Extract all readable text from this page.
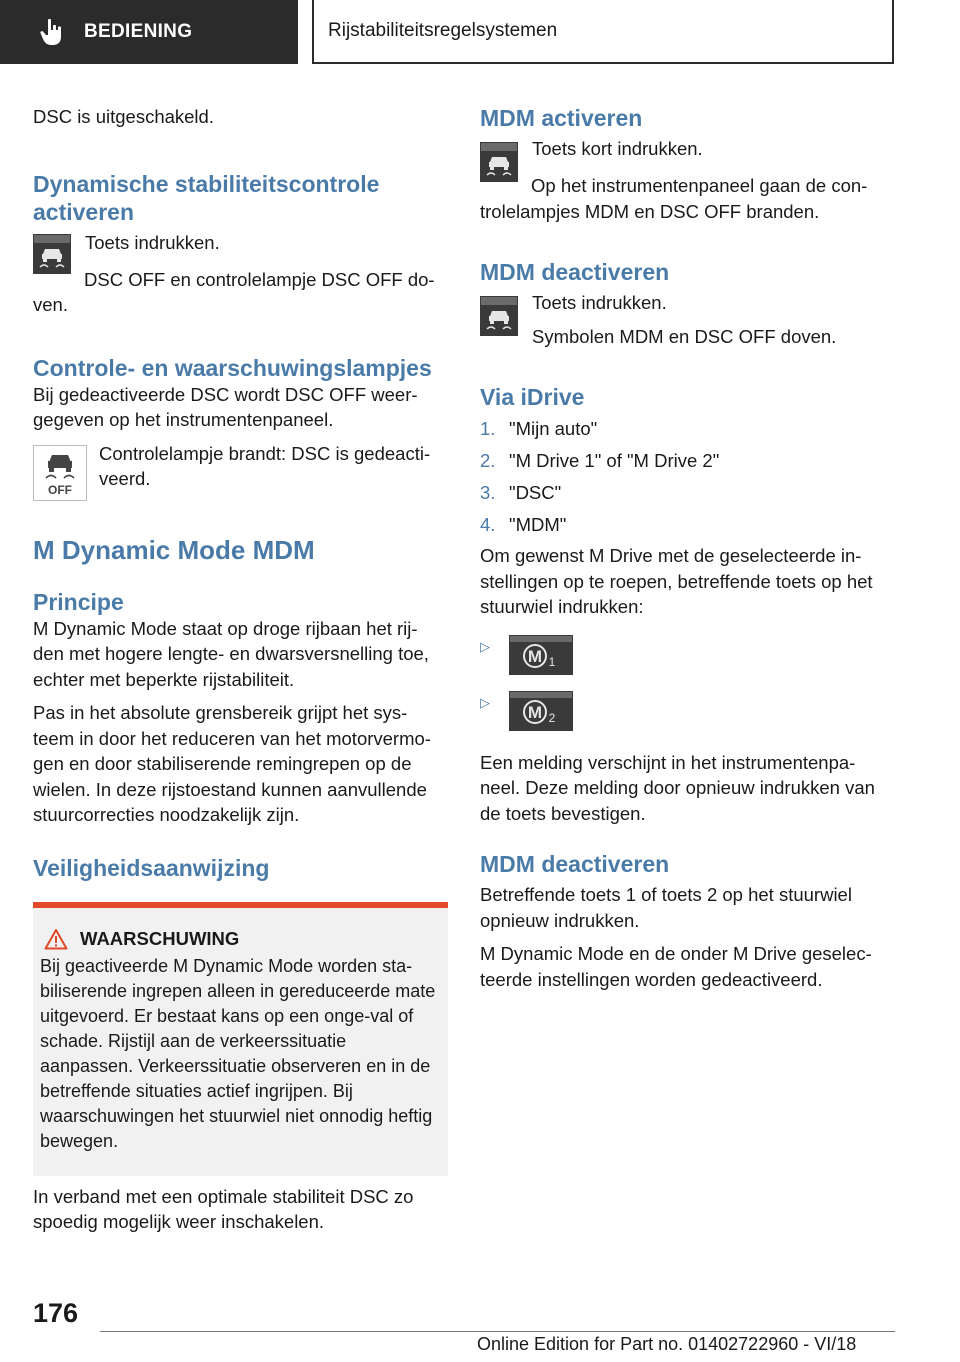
BEDIENING	Rijstabiliteitsregelsystemen

DSC is uitgeschakeld.

Dynamische stabiliteitscontrole activeren

Toets indrukken.

DSC OFF en controlelampje DSC OFF do-ven.

Controle- en waarschuwingslampjes

Bij gedeactiveerde DSC wordt DSC OFF weer-gegeven op het instrumentenpaneel.

OFF

Controlelampje brandt: DSC is gedeacti-veerd.

M Dynamic Mode MDM
Principe

M Dynamic Mode staat op droge rijbaan het rij-den met hogere lengte- en dwarsversnelling toe, echter met beperkte rijstabiliteit.

Pas in het absolute grensbereik grijpt het sys-teem in door het reduceren van het motorvermo-gen en door stabiliserende remingrepen op de wielen. In deze rijstoestand kunnen aanvullende stuurcorrecties noodzakelijk zijn.

Veiligheidsaanwijzing
WAARSCHUWING

Bij geactiveerde M Dynamic Mode worden sta-biliserende ingrepen alleen in gereduceerde mate uitgevoerd. Er bestaat kans op een onge-val of schade. Rijstijl aan de verkeerssituatie aanpassen. Verkeerssituatie observeren en in de betreffende situaties actief ingrijpen. Bij waarschuwingen het stuurwiel niet onnodig heftig bewegen.

In verband met een optimale stabiliteit DSC zo spoedig mogelijk weer inschakelen.

MDM activeren

Toets kort indrukken.

Op het instrumentenpaneel gaan de con-trolelampjes MDM en DSC OFF branden.

MDM deactiveren

Toets indrukken.

Symbolen MDM en DSC OFF doven.

Via iDrive
1. "Mijn auto"
2. "M Drive 1" of "M Drive 2"
3. "DSC"
4. "MDM"

Om gewenst M Drive met de geselecteerde in-stellingen op te roepen, betreffende toets op het stuurwiel indrukken:

▷
M 1
▷
M 2

Een melding verschijnt in het instrumentenpa-neel. Deze melding door opnieuw indrukken van de toets bevestigen.

MDM deactiveren

Betreffende toets 1 of toets 2 op het stuurwiel opnieuw indrukken.

M Dynamic Mode en de onder M Drive geselec-teerde instellingen worden gedeactiveerd.

176
Online Edition for Part no. 01402722960 - VI/18
